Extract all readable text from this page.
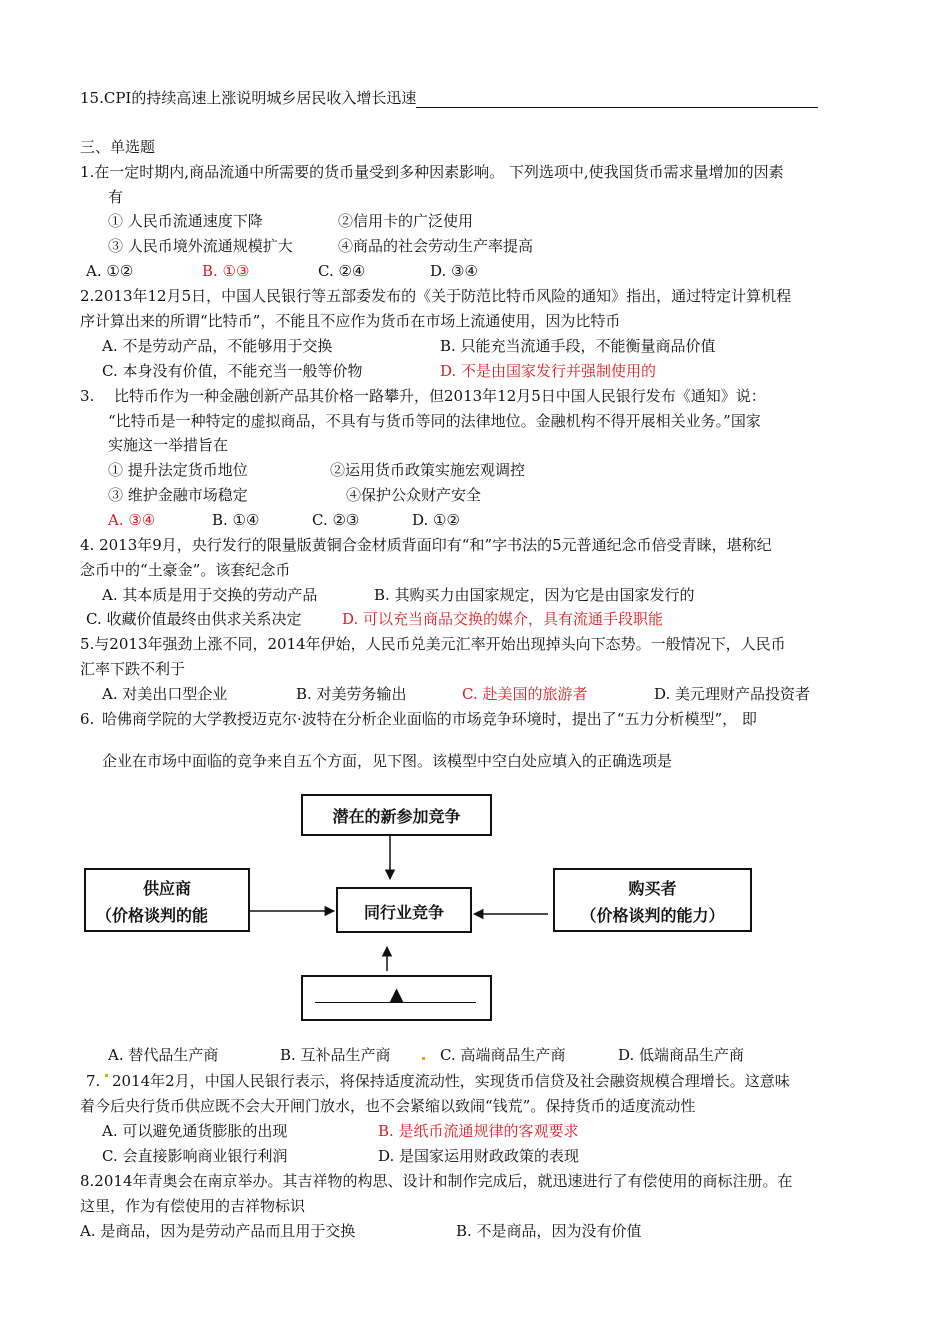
15.CPI的持续高速上涨说明城乡居民收入增长迅速
三、单选题
1.在一定时期内,商品流通中所需要的货币量受到多种因素影响。 下列选项中,使我国货币需求量增加的因素
有
① 人民币流通速度下降	②信用卡的广泛使用
③ 人民币境外流通规模扩大	④商品的社会劳动生产率提高
A. ①②	B. ①③	C. ②④	D. ③④
2.2013年12月5日，中国人民银行等五部委发布的《关于防范比特币风险的通知》指出，通过特定计算机程
序计算出来的所谓“比特币”，不能且不应作为货币在市场上流通使用，因为比特币
A. 不是劳动产品，不能够用于交换	B. 只能充当流通手段，不能衡量商品价值
C. 本身没有价值，不能充当一般等价物	D. 不是由国家发行并强制使用的
3. 比特币作为一种金融创新产品其价格一路攀升，但2013年12月5日中国人民银行发布《通知》说：
“比特币是一种特定的虚拟商品，不具有与货币等同的法律地位。金融机构不得开展相关业务。”国家
实施这一举措旨在
① 提升法定货币地位	②运用货币政策实施宏观调控
③ 维护金融市场稳定	④保护公众财产安全
A. ③④	B. ①④	C. ②③	D. ①②
4. 2013年9月，央行发行的限量版黄铜合金材质背面印有“和”字书法的5元普通纪念币倍受青睐，堪称纪
念币中的“土豪金”。该套纪念币
A. 其本质是用于交换的劳动产品	B. 其购买力由国家规定，因为它是由国家发行的
C. 收藏价值最终由供求关系决定	D. 可以充当商品交换的媒介，具有流通手段职能
5.与2013年强劲上涨不同，2014年伊始，人民币兑美元汇率开始出现掉头向下态势。一般情况下，人民币
汇率下跌不利于
A. 对美出口型企业	B. 对美劳务输出	C. 赴美国的旅游者	D. 美元理财产品投资者
6. 哈佛商学院的大学教授迈克尔·波特在分析企业面临的市场竞争环境时，提出了“五力分析模型”， 即
企业在市场中面临的竞争来自五个方面，见下图。该模型中空白处应填入的正确选项是
潜在的新参加竞争
供应商
（价格谈判的能	同行业竞争
购买者
（价格谈判的能力）
▲
A. 替代品生产商	B. 互补品生产商	C. 高端商品生产商	D. 低端商品生产商
7. 2014年2月，中国人民银行表示，将保持适度流动性，实现货币信贷及社会融资规模合理增长。这意味
着今后央行货币供应既不会大开闸门放水，也不会紧缩以致闹“钱荒”。保持货币的适度流动性
A. 可以避免通货膨胀的出现	B. 是纸币流通规律的客观要求
C. 会直接影响商业银行利润	D. 是国家运用财政政策的表现
8.2014年青奥会在南京举办。其吉祥物的构思、设计和制作完成后，就迅速进行了有偿使用的商标注册。在
这里，作为有偿使用的吉祥物标识
A. 是商品，因为是劳动产品而且用于交换	B. 不是商品，因为没有价值
